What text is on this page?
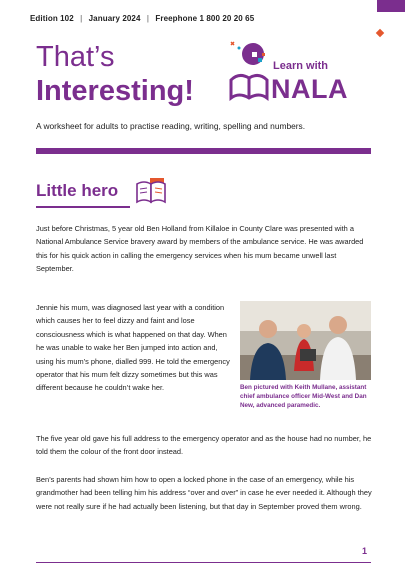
Edition 102 | January 2024 | Freephone 1 800 20 20 65
That’s
Interesting!
Learn with
NALA
A worksheet for adults to practise reading, writing, spelling and numbers.
Little hero
Just before Christmas, 5 year old Ben Holland from Killaloe in County Clare was presented with a National Ambulance Service bravery award by members of the ambulance service. He was awarded this for his quick action in calling the emergency services when his mum became unwell last September.
Jennie his mum, was diagnosed last year with a condition which causes her to feel dizzy and faint and lose consciousness which is what happened on that day. When he was unable to wake her Ben jumped into action and, using his mum’s phone, dialled 999. He told the emergency operator that his mum felt dizzy sometimes but this was different because he couldn’t wake her.	Ben pictured with Keith Mullane, assistant chief ambulance officer Mid-West and Dan New, advanced paramedic.
The five year old gave his full address to the emergency operator and as the house had no number, he told them the colour of the front door instead.
Ben’s parents had shown him how to open a locked phone in the case of an emergency, while his grandmother had been telling him his address “over and over” in case he ever needed it. Although they were not really sure if he had actually been listening, but that day in September proved them wrong.
1
